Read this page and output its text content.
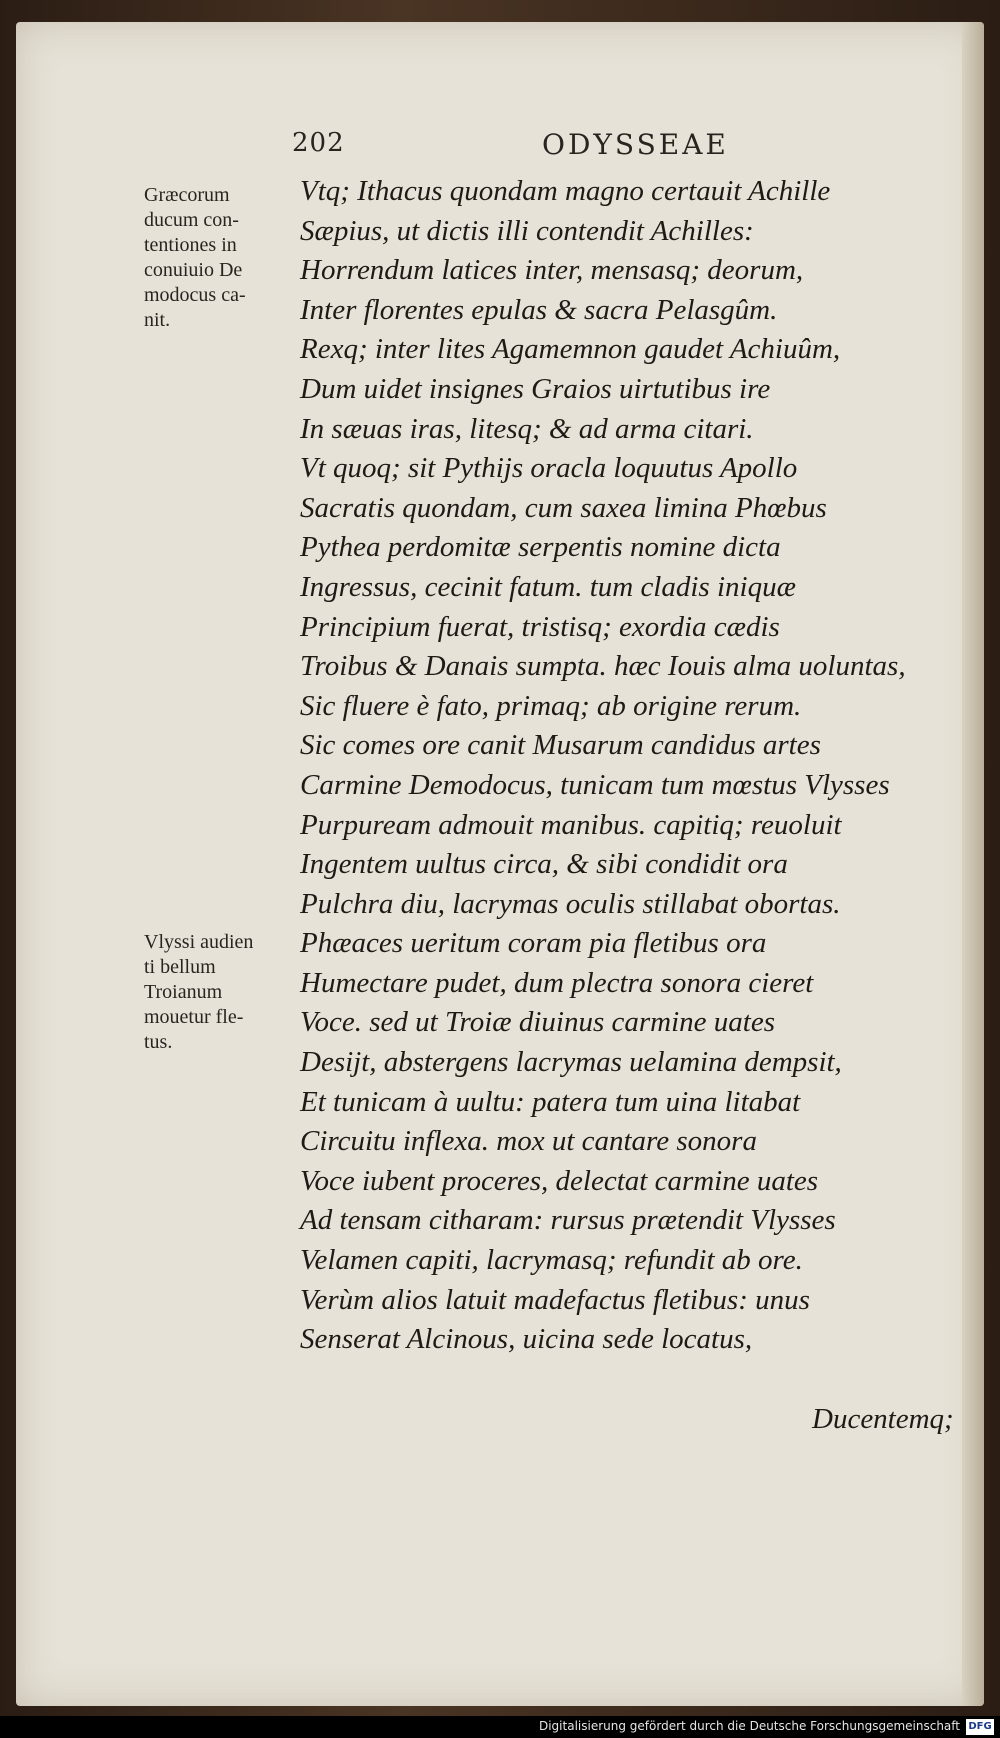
202	ODYSSEAE
Græcorum
ducum con-
tentiones in
conuiuio De
modocus ca-
nit.
Vlyssi audien
ti bellum
Troianum
mouetur fle-
tus.
Vtq; Ithacus quondam magno certauit Achille
Sæpius, ut dictis illi contendit Achilles:
Horrendum latices inter, mensasq; deorum,
Inter florentes epulas & sacra Pelasgûm.
Rexq; inter lites Agamemnon gaudet Achiuûm,
Dum uidet insignes Graios uirtutibus ire
In sæuas iras, litesq; & ad arma citari.
Vt quoq; sit Pythijs oracla loquutus Apollo
Sacratis quondam, cum saxea limina Phœbus
Pythea perdomitæ serpentis nomine dicta
Ingressus, cecinit fatum. tum cladis iniquæ
Principium fuerat, tristisq; exordia cædis
Troibus & Danais sumpta. hæc Iouis alma uoluntas,
Sic fluere è fato, primaq; ab origine rerum.
Sic comes ore canit Musarum candidus artes
Carmine Demodocus, tunicam tum mœstus Vlysses
Purpuream admouit manibus. capitiq; reuoluit
Ingentem uultus circa, & sibi condidit ora
Pulchra diu, lacrymas oculis stillabat obortas.
Phæaces ueritum coram pia fletibus ora
Humectare pudet, dum plectra sonora cieret
Voce. sed ut Troiæ diuinus carmine uates
Desijt, abstergens lacrymas uelamina dempsit,
Et tunicam à uultu: patera tum uina litabat
Circuitu inflexa. mox ut cantare sonora
Voce iubent proceres, delectat carmine uates
Ad tensam citharam: rursus prætendit Vlysses
Velamen capiti, lacrymasq; refundit ab ore.
Verùm alios latuit madefactus fletibus: unus
Senserat Alcinous, uicina sede locatus,
Ducentemq;
Digitalisierung gefördert durch die Deutsche Forschungsgemeinschaft DFG
